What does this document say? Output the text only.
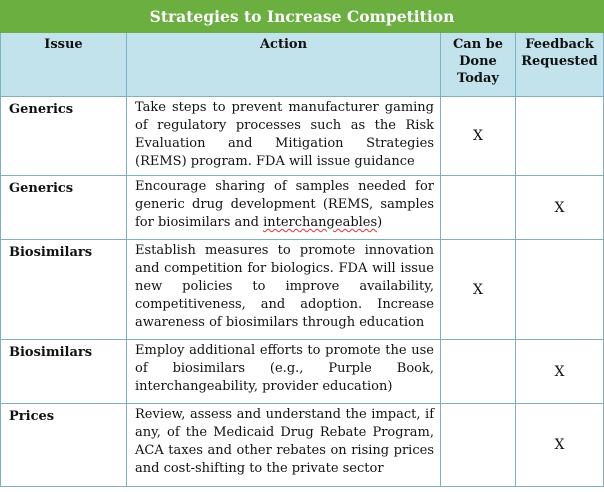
Strategies to Increase Competition			
Issue	Action	Can be Done Today	Feedback Requested
Generics	Take steps to prevent manufacturer gaming of regulatory processes such as the Risk Evaluation and Mitigation Strategies (REMS) program. FDA will issue guidance	X	
Generics	Encourage sharing of samples needed for generic drug development (REMS, samples for biosimilars and interchangeables)		X
Biosimilars	Establish measures to promote innovation and competition for biologics. FDA will issue new policies to improve availability, competitiveness, and adoption. Increase awareness of biosimilars through education	X	
Biosimilars	Employ additional efforts to promote the use of biosimilars (e.g., Purple Book, interchangeability, provider education)		X
Prices	Review, assess and understand the impact, if any, of the Medicaid Drug Rebate Program, ACA taxes and other rebates on rising prices and cost-shifting to the private sector		X
